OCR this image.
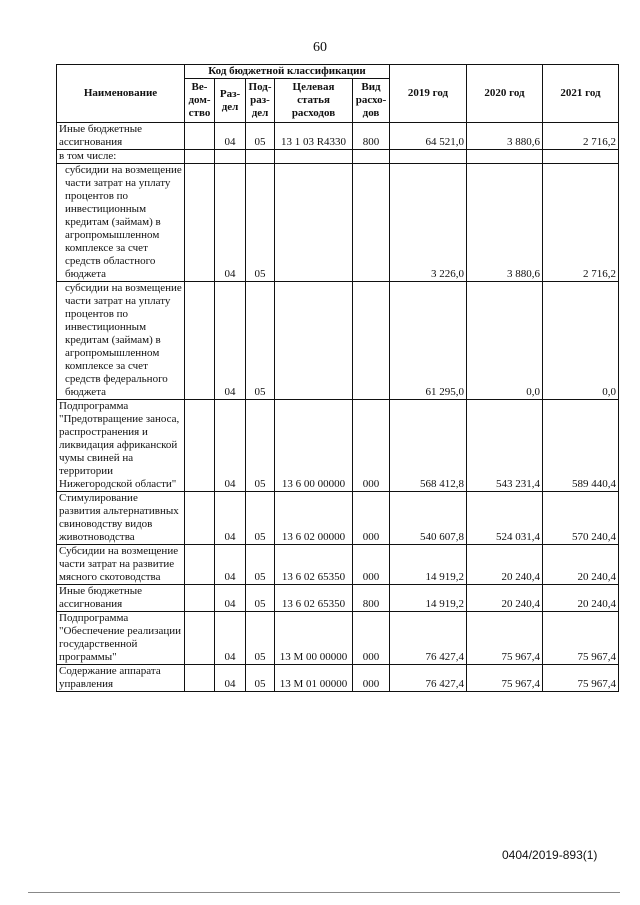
60
Наименование	Код бюджетной классификации					2019 год	2020 год	2021 год
	Ве-дом-ство	Раз-дел	Под-раз-дел	Целевая статья расходов	Вид расхо-дов			
Иные бюджетные ассигнования		04	05	13 1 03 R4330	800	64 521,0	3 880,6	2 716,2
в том числе:								
субсидии на возмещение части затрат на уплату процентов по инвестиционным кредитам (займам) в агропромышленном комплексе за счет средств областного бюджета		04	05			3 226,0	3 880,6	2 716,2
субсидии на возмещение части затрат на уплату процентов по инвестиционным кредитам (займам) в агропромышленном комплексе за счет средств федерального бюджета		04	05			61 295,0	0,0	0,0
Подпрограмма "Предотвращение заноса, распространения и ликвидация африканской чумы свиней на территории Нижегородской области"		04	05	13 6 00 00000	000	568 412,8	543 231,4	589 440,4
Стимулирование развития альтернативных свиноводству видов животноводства		04	05	13 6 02 00000	000	540 607,8	524 031,4	570 240,4
Субсидии на возмещение части затрат на развитие мясного скотоводства		04	05	13 6 02 65350	000	14 919,2	20 240,4	20 240,4
Иные бюджетные ассигнования		04	05	13 6 02 65350	800	14 919,2	20 240,4	20 240,4
Подпрограмма "Обеспечение реализации государственной программы"		04	05	13 М 00 00000	000	76 427,4	75 967,4	75 967,4
Содержание аппарата управления		04	05	13 М 01 00000	000	76 427,4	75 967,4	75 967,4
0404/2019-893(1)
